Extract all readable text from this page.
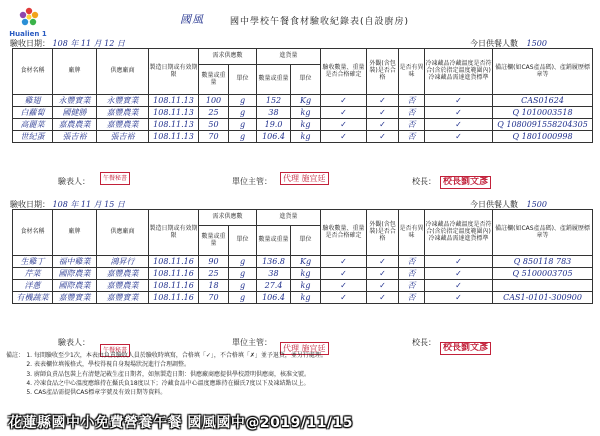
Hualien 1
國風	國中學校午餐食材驗收紀錄表(自設廚房)
驗收日期： 108 年 11 月 12 日	今日供餐人數 1500
食材名稱	廠牌	供應廠商	製造日期或有效期限	需求供應數		進貨量		驗收數量、重量是否合格確定	外觀(含包裝)是否合格	是否有異味	冷凍藏品冷藏溫度是否符合(含於指定溫度範圍內)冷凍藏品需達進貨標準	備註欄(如CAS產品碼)、產銷履歷標章等
				數量或重量	單位	數量或重量	單位					
雞翅	永豐實業	永豐實業	108.11.13	100	g	152	Kg	✓	✓	否	✓	CAS01624
白蘿蔔	國健勝	嘉豐農業	108.11.13	25	g	38	kg	✓	✓	否	✓	Q 1010003518
高麗菜	嘉農農業	嘉豐農業	108.11.13	50	g	19.0	kg	✓	✓	否	✓	Q 1080091558204305
世紀蛋	張吉裕	張吉裕	108.11.13	70	g	106.4	kg	✓	✓	否	✓	Q 1801000998
驗表人：	午餐秘書	單位主管：	代理 施宜廷	校長： 校長劉文彥
驗收日期： 108 年 11 月 15 日	今日供餐人數 1500
食材名稱	廠牌	供應廠商	製造日期或有效期限	需求供應數		進貨量		驗收數量、重量是否合格確定	外觀(含包裝)是否合格	是否有異味	冷凍藏品冷藏溫度是否符合(含於指定溫度範圍內)冷凍藏品需達進貨標準	備註欄(如CAS產品碼)、產銷履歷標章等
				數量或重量	單位	數量或重量	單位					
生雞丁	福中雞業	鴻昇行	108.11.16	90	g	136.8	Kg	✓	✓	否	✓	Q 850118 783
芹菜	國際農業	嘉豐農業	108.11.16	25	g	38	kg	✓	✓	否	✓	Q 5100003705
洋蔥	國際農業	嘉豐農業	108.11.16	18	g	27.4	kg	✓	✓	否	✓	
有機蔬菜	嘉豐實業	嘉豐實業	108.11.16	70	g	106.4	kg	✓	✓	否	✓	CAS1-0101-300900
驗表人：
午餐秘書
單位主管：
代理 施宜廷
校長：
校長劉文彥
備註： 1. 每間驗收至少1次，本表由負責驗收人員於驗收時填寫，合格填「✓」，不合格填「✗」並予退貨，並另行處理。
2. 表表欄位填報格式，學校得視自身現場狀況進行合理調整。
3. 廚師負責品包裝上有清楚記載生產日期者，如無製造日期：供應廠商應提供學校證明供應商，核准文號。
4. 冷凍食品之中心溫度應維持在攝氏負18度以下；冷藏食品中心溫度應維持在攝氏7度以下及凍結點以上。
5. CAS產品需提供CAS標章字號及有效日期等資料。
花蓮縣國中小免費營養午餐 國風國中@2019/11/15
